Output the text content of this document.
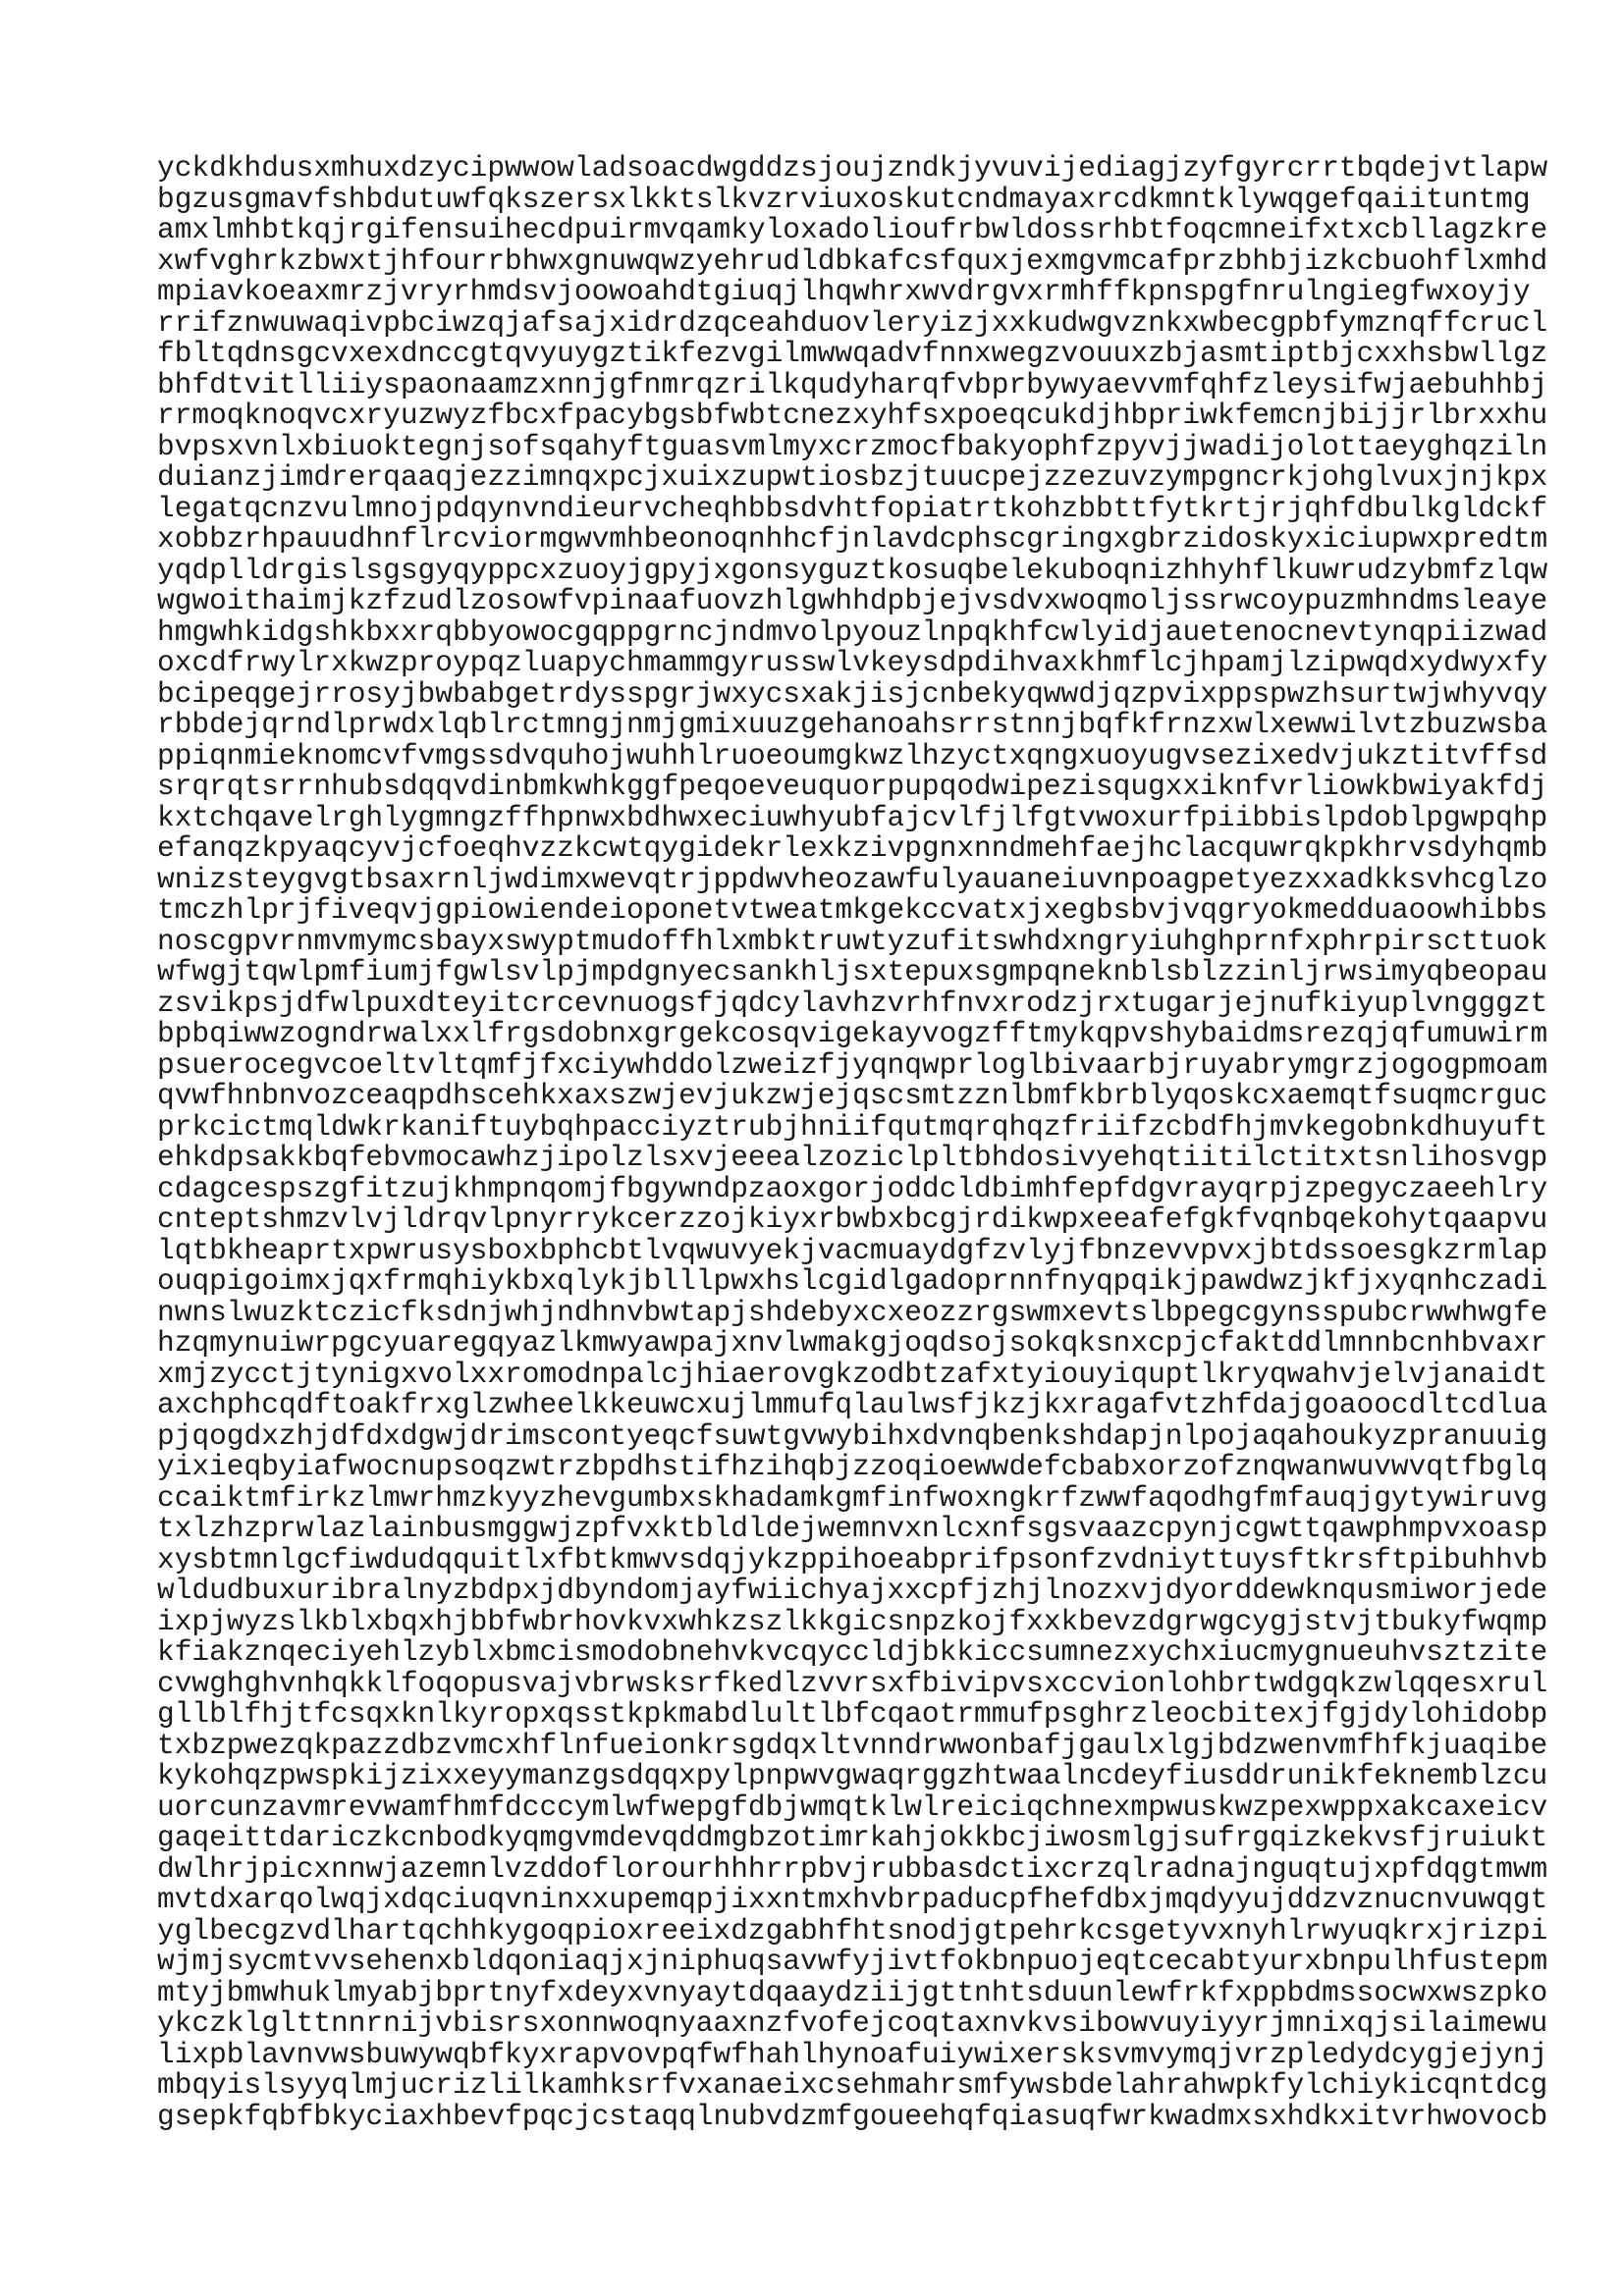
yckdkhdusxmhuxdzycipwwowladsoacdwgddzsjoujzndkjyvuvijediagjzyfgyrcrrtbqdejvtlapw
bgzusgmavfshbdutuwfqkszersxlkktslkvzrviuxoskutcndmayaxrcdkmntklywqgefqaiituntmg
amxlmhbtkqjrgifensuihecdpuirmvqamkyloxadolioufrbwldossrhbtfoqcmneifxtxcbllagzkre
xwfvghrkzbwxtjhfourrbhwxgnuwqwzyehrudldbkafcsfquxjexmgvmcafprzbhbjizkcbuohflxmhd
mpiavkoeaxmrzjvryrhmdsvjoowoahdtgiuqjlhqwhrxwvdrgvxrmhffkpnspgfnrulngiegfwxoyjy
rrifznwuwaqivpbciwzqjafsajxidrdzqceahduovleryizjxxkudwgvznkxwbecgpbfymznqffcrucl
fbltqdnsgcvxexdnccgtqvyuygztikfezvgilmwwqadvfnnxwegzvouuxzbjasmtiptbjcxxhsbwllgz
bhfdtvitlliiyspaonaamzxnnjgfnmrqzrilkqudyharqfvbprbywyaevvmfqhfzleysifwjaebuhhbj
rrmoqknoqvcxryuzwyzfbcxfpacybgsbfwbtcnezxyhfsxpoeqcukdjhbpriwkfemcnjbijjrlbrxxhu
bvpsxvnlxbiuoktegnjsofsqahyftguasvmlmyxcrzmocfbakyophfzpyvjjwadijolottaeyghqziln
duianzjimdrerqaaqjezzimnqxpcjxuixzupwtiosbzjtuucpejzzezuvzympgncrkjohglvuxjnjkpx
legatqcnzvulmnojpdqynvndieurvcheqhbbsdvhtfopiatrtkohzbbttfytkrtjrjqhfdbulkgldckf
xobbzrhpauudhnflrcviormgwvmhbeonoqnhhcfjnlavdcphscgringxgbrzidoskyxiciupwxpredtm
yqdplldrgislsgsgyqyppcxzuoyjgpyjxgonsyguztkosuqbelekuboqnizhhyhflkuwrudzybmfzlqw
wgwoithaimjkzfzudlzosowfvpinaafuovzhlgwhhdpbjejvsdvxwoqmoljssrwcoypuzmhndmsleaye
hmgwhkidgshkbxxrqbbyowocgqppgrncjndmvolpyouzlnpqkhfcwlyidjauetenocnevtynqpiizwad
oxcdfrwylrxkwzproypqzluapychmammgyrusswlvkeysdpdihvaxkhmflcjhpamjlzipwqdxydwyxfy
bcipeqgejrrosyjbwbabgetrdysspgrjwxycsxakjisjcnbekyqwwdjqzpvixppspwzhsurtwjwhyvqy
rbbdejqrndlprwdxlqblrctmngjnmjgmixuuzgehanoahsrrstnnjbqfkfrnzxwlxewwilvtzbuzwsba
ppiqnmieknomcvfvmgssdvquhojwuhhlruoeoumgkwzlhzyctxqngxuoyugvsezixedvjukztitvffsd
srqrqtsrrnhubsdqqvdinbmkwhkggfpeqoeveuquorpupqodwipezisqugxxiknfvrliowkbwiyakfdj
kxtchqavelrghlygmngzffhpnwxbdhwxeciuwhyubfajcvlfjlfgtvwoxurfpiibbislpdoblpgwpqhp
efanqzkpyaqcyvjcfoeqhvzzkcwtqygidekrlexkzivpgnxnndmehfaejhclacquwrqkpkhrvsdyhqmb
wnizsteygvgtbsaxrnljwdimxwevqtrjppdwvheozawfulyauaneiuvnpoagpetyezxxadkksvhcglzo
tmczhlprjfiveqvjgpiowiendeioponetvtweatmkgekccvatxjxegbsbvjvqgryokmedduaoowhibbs
noscgpvrnmvmymcsbayxswyptmudoffhlxmbktruwtyzufitswhdxngryiuhghprnfxphrpirscttuok
wfwgjtqwlpmfiumjfgwlsvlpjmpdgnyecsankhljsxtepuxsgmpqneknblsblzzinljrwsimyqbeopau
zsvikpsjdfwlpuxdteyitcrcevnuogsfjqdcylavhzvrhfnvxrodzjrxtugarjejnufkiyuplvngggzt
bpbqiwwzogndrwalxxlfrgsdobnxgrgekcosqvigekayvogzfftmykqpvshybaidmsrezqjqfumuwirm
psuerocegvcoeltvltqmfjfxciywhddolzweizfjyqnqwprloglbivaarbjruyabrymgrzjogogpmoam
qvwfhnbnvozceaqpdhscehkxaxszwjevjukzwjejqscsmtzznlbmfkbrblyqoskcxaemqtfsuqmcrguc
prkcictmqldwkrkaniftuybqhpacciyztrubjhniifqutmqrqhqzfriifzcbdfhjmvkegobnkdhuyuft
ehkdpsakkbqfebvmocawhzjipolzlsxvjeeealzoziclpltbhdosivyehqtiitilctitxtsnlihosvgp
cdagcespszgfitzujkhmpnqomjfbgywndpzaoxgorjoddcldbimhfepfdgvrayqrpjzpegyczaeehlry
cnteptshmzvlvjldrqvlpnyrrykcerzzojkiyxrbwbxbcgjrdikwpxeeafefgkfvqnbqekohytqaapvu
lqtbkheaprtxpwrusysboxbphcbtlvqwuvyekjvacmuaydgfzvlyjfbnzevvpvxjbtdssoesgkzrmlap
ouqpigoimxjqxfrmqhiykbxqlykjblllpwxhslcgidlgadoprnnfnyqpqikjpawdwzjkfjxyqnhczadi
nwnslwuzktczicfksdnjwhjndhnvbwtapjshdebyxcxeozzrgswmxevtslbpegcgynsspubcrwwhwgfe
hzqmynuiwrpgcyuaregqyazlkmwyawpajxnvlwmakgjoqdsojsokqksnxcpjcfaktddlmnnbcnhbvaxr
xmjzycctjtynigxvolxxromodnpalcjhiaerovgkzodbtzafxtyiouyiquptlkryqwahvjelvjanaidt
axchphcqdftoakfrxglzwheelkkeuwcxujlmmufqlaulwsfjkzjkxragafvtzhfdajgoaoocdltcdlua
pjqogdxzhjdfdxdgwjdrimscontyeqcfsuwtgvwybihxdvnqbenkshdapjnlpojaqahoukyzpranuuig
yixieqbyiafwocnupsoqzwtrzbpdhstifhzihqbjzzoqioewwdefcbabxorzofznqwanwuvwvqtfbglq
ccaiktmfirkzlmwrhmzkyyzhevgumbxskhadamkgmfinfwoxngkrfzwwfaqodhgfmfauqjgytywiruvg
txlzhzprwlazlainbusmggwjzpfvxktbldldejwemnvxnlcxnfsgsvaazcpynjcgwttqawphmpvxoasp
xysbtmnlgcfiwdudqquitlxfbtkmwvsdqjykzppihoeabprifpsonfzvdniyttuysftkrsftpibuhhvb
wldudbuxuribralnyzbdpxjdbyndomjayfwiichyajxxcpfjzhjlnozxvjdyorddewknqusmiworjede
ixpjwyzslkblxbqxhjbbfwbrhovkvxwhkzszlkkgicsnpzkojfxxkbevzdgrwgcygjstvjtbukyfwqmp
kfiakznqeciyehlzyblxbmcismodobnehvkvcqyccldjbkkiccsumnezxychxiucmygnueuhvsztzite
cvwghghvnhqkklfoqopusvajvbrwsksrfkedlzvvrsxfbivipvsxccvionlohbrtwdgqkzwlqqesxrul
gllblfhjtfcsqxknlkyropxqsstkpkmabdlultlbfcqaotrmmufpsghrzleocbitexjfgjdylohidobp
txbzpwezqkpazzdbzvmcxhflnfueionkrsgdqxltvnndrwwonbafjgaulxlgjbdzwenvmfhfkjuaqibe
kykohqzpwspkijzixxeyymanzgsdqqxpylpnpwvgwaqrggzhtwaalncdeyfiusddrunikfeknemblzcu
uorcunzavmrevwamfhmfdcccymlwfwepgfdbjwmqtklwlreiciqchnexmpwuskwzpexwppxakcaxeicv
gaqeittdariczkcnbodkyqmgvmdevqddmgbzotimrkahjokkbcjiwosmlgjsufrgqizkekvsfjruiukt
dwlhrjpicxnnwjazemnlvzddoflorourhhhrrpbvjrubbasdctixcrzqlradnajnguqtujxpfdqgtmwm
mvtdxarqolwqjxdqciuqvninxxupemqpjixxntmxhvbrpaducpfhefdbxjmqdyyujddzvznucnvuwqgt
yglbecgzvdlhartqchhkygoqpioxreeixdzgabhfhtsnodjgtpehrkcsgetyvxnyhlrwyuqkrxjrizpi
wjmjsycmtvvsehenxbldqoniaqjxjniphuqsavwfyjivtfokbnpuojeqtcecabtyurxbnpulhfustepm
mtyjbmwhuklmyabjbprtnyfxdeyxvnyaytdqaaydziijgttnhtsduunlewfrkfxppbdmssocwxwszpko
ykczklglttnnrnijvbisrsxonnwoqnyaaxnzfvofejcoqtaxnvkvsibowvuyiyyrjmnixqjsilaimewu
lixpblavnvwsbuwywqbfkyxrapvovpqfwfhahlhynoafuiywixersksvmvymqjvrzpledydcygjejynj
mbqyislsyyqlmjucrizlilkamhksrfvxanaeixcsehmahrsmfywsbdelahrahwpkfylchiykicqntdcg
gsepkfqbfbkyciaxhbevfpqcjcstaqqlnubvdzmfgoueehqfqiasuqfwrkwadmxsxhdkxitvrhwovocb
